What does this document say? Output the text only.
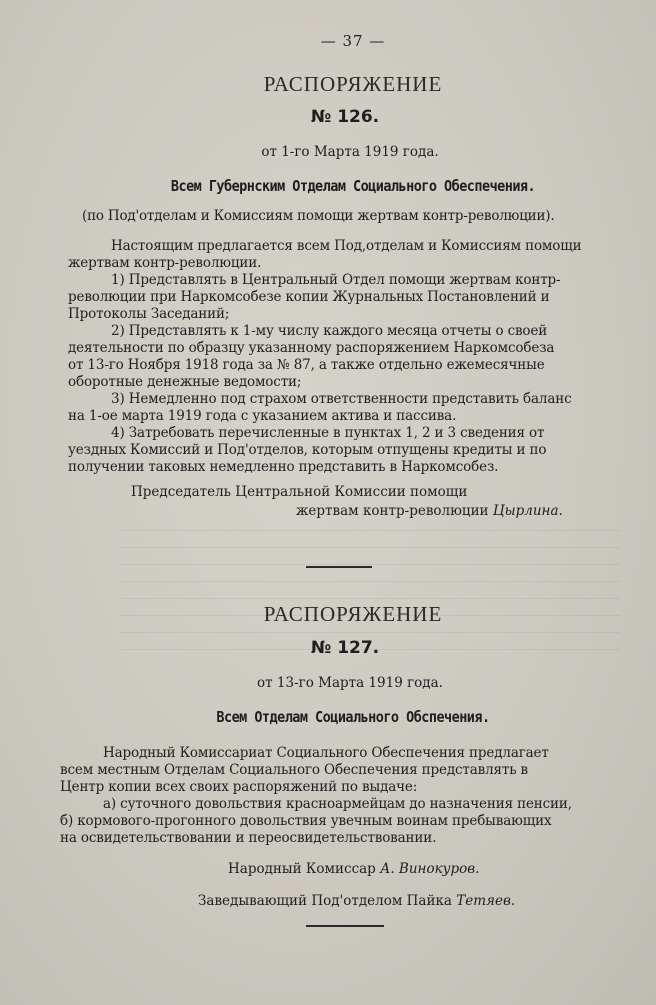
— 37 —
РАСПОРЯЖЕНИЕ
№ 126.
от 1-го Марта 1919 года.
Всем Губернским Отделам Социального Обеспечения.
(по Под'отделам и Комиссиям помощи жертвам контр-революции).
Настоящим предлагается всем Под,отделам и Комиссиям помощи
жертвам контр-революции.
1) Представлять в Центральный Отдел помощи жертвам контр-
революции при Наркомсобезе копии Журнальных Постановлений и
Протоколы Заседаний;
2) Представлять к 1-му числу каждого месяца отчеты о своей
деятельности по образцу указанному распоряжением Наркомсобеза
от 13-го Ноября 1918 года за № 87, а также отдельно ежемесячные
оборотные денежные ведомости;
3) Немедленно под страхом ответственности представить баланс
на 1-ое марта 1919 года с указанием актива и пассива.
4) Затребовать перечисленные в пунктах 1, 2 и 3 сведения от
уездных Комиссий и Под'отделов, которым отпущены кредиты и по
получении таковых немедленно представить в Наркомсобез.
Председатель Центральной Комиссии помощи
жертвам контр-революции Цырлина.
РАСПОРЯЖЕНИЕ
№ 127.
от 13-го Марта 1919 года.
Всем Отделам Социального Обспечения.
Народный Комиссариат Социального Обеспечения предлагает
всем местным Отделам Социального Обеспечения представлять в
Центр копии всех своих распоряжений по выдаче:
а) суточного довольствия красноармейцам до назначения пенсии,
б) кормового-прогонного довольствия увечным воинам пребывающих
на освидетельствовании и переосвидетельствовании.
Народный Комиссар А. Винокуров.
Заведывающий Под'отделом Пайка Тетяев.
